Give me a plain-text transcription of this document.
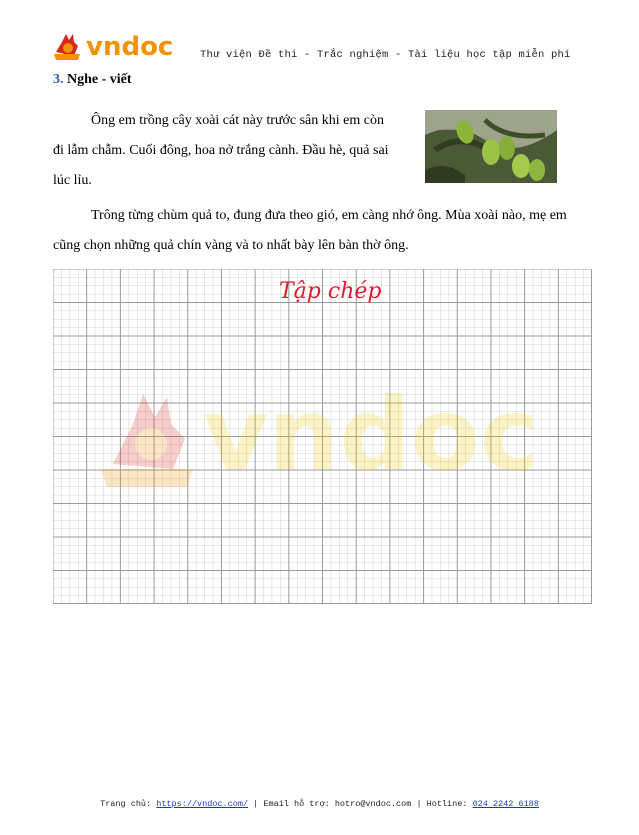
vndoc	Thư viện Đề thi - Trắc nghiệm - Tài liệu học tập miễn phí
3. Nghe - viết

Ông em trồng cây xoài cát này trước sân khi em còn đi lẫm chẫm. Cuối đông, hoa nở trắng cành. Đầu hè, quả sai lúc lỉu.

Trông từng chùm quả to, đung đưa theo gió, em càng nhớ ông. Mùa xoài nào, mẹ em cũng chọn những quả chín vàng và to nhất bày lên bàn thờ ông.

vndoc
Tập chép
Trang chủ: https://vndoc.com/ | Email hỗ trợ: hotro@vndoc.com | Hotline: 024 2242 6188
